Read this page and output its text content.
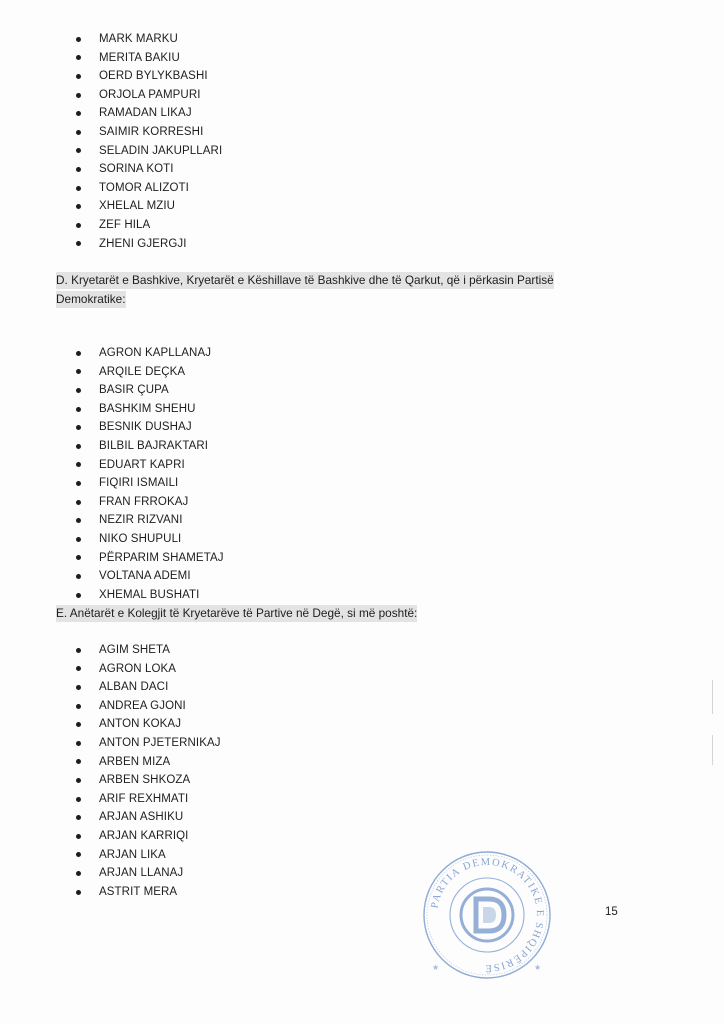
MARK MARKU
MERITA BAKIU
OERD BYLYKBASHI
ORJOLA PAMPURI
RAMADAN LIKAJ
SAIMIR KORRESHI
SELADIN JAKUPLLARI
SORINA KOTI
TOMOR ALIZOTI
XHELAL MZIU
ZEF HILA
ZHENI GJERGJI
D. Kryetarët e Bashkive, Kryetarët e Këshillave të Bashkive dhe të Qarkut, që i përkasin Partisë
Demokratike:
AGRON KAPLLANAJ
ARQILE DEÇKA
BASIR ÇUPA
BASHKIM SHEHU
BESNIK DUSHAJ
BILBIL BAJRAKTARI
EDUART KAPRI
FIQIRI ISMAILI
FRAN FRROKAJ
NEZIR RIZVANI
NIKO SHUPULI
PËRPARIM SHAMETAJ
VOLTANA ADEMI
XHEMAL BUSHATI
E. Anëtarët e Kolegjit të Kryetarëve të Partive në Degë, si më poshtë:
AGIM SHETA
AGRON LOKA
ALBAN DACI
ANDREA GJONI
ANTON KOKAJ
ANTON PJETERNIKAJ
ARBEN MIZA
ARBEN SHKOZA
ARIF REXHMATI
ARJAN ASHIKU
ARJAN KARRIQI
ARJAN LIKA
ARJAN LLANAJ
ASTRIT MERA
15
PARTIA DEMOKRATIKE E SHQIPËRISË
★	★
